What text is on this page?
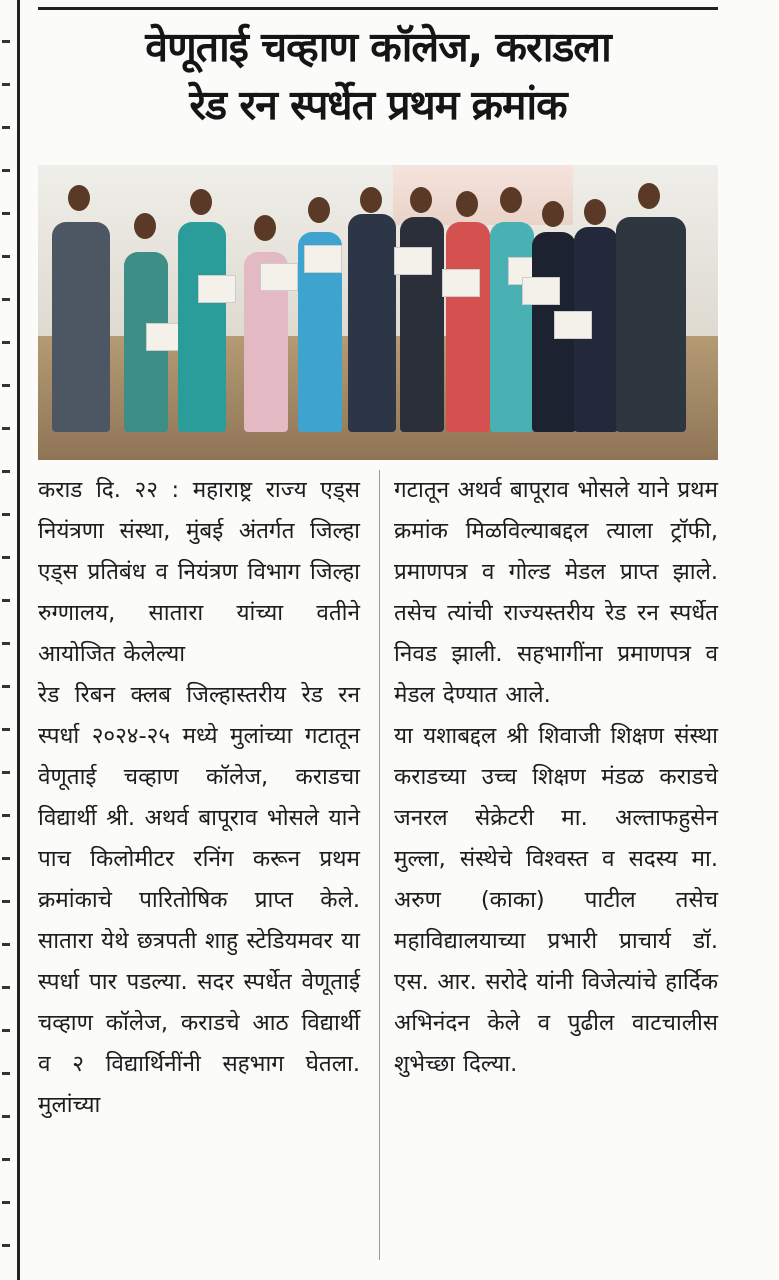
वेणूताई चव्हाण कॉलेज, कराडला
रेड रन स्पर्धेत प्रथम क्रमांक

कराड दि. २२ : महाराष्ट्र राज्य एड्स नियंत्रणा संस्था, मुंबई अंतर्गत जिल्हा एड्स प्रतिबंध व नियंत्रण विभाग जिल्हा रुग्णालय, सातारा यांच्या वतीने आयोजित केलेल्या

रेड रिबन क्लब जिल्हास्तरीय रेड रन स्पर्धा २०२४-२५ मध्ये मुलांच्या गटातून वेणूताई चव्हाण कॉलेज, कराडचा विद्यार्थी श्री. अथर्व बापूराव भोसले याने पाच किलोमीटर रनिंग करून प्रथम क्रमांकाचे पारितोषिक प्राप्त केले. सातारा येथे छत्रपती शाहु स्टेडियमवर या स्पर्धा पार पडल्या. सदर स्पर्धेत वेणूताई चव्हाण कॉलेज, कराडचे आठ विद्यार्थी व २ विद्यार्थिनींनी सहभाग घेतला. मुलांच्या

गटातून अथर्व बापूराव भोसले याने प्रथम क्रमांक मिळविल्याबद्दल त्याला ट्रॉफी, प्रमाणपत्र व गोल्ड मेडल प्राप्त झाले. तसेच त्यांची राज्यस्तरीय रेड रन स्पर्धेत निवड झाली. सहभागींना प्रमाणपत्र व मेडल देण्यात आले.

या यशाबद्दल श्री शिवाजी शिक्षण संस्था कराडच्या उच्च शिक्षण मंडळ कराडचे जनरल सेक्रेटरी मा. अल्ताफहुसेन मुल्ला, संस्थेचे विश्वस्त व सदस्य मा. अरुण (काका) पाटील तसेच महाविद्यालयाच्या प्रभारी प्राचार्य डॉ. एस. आर. सरोदे यांनी विजेत्यांचे हार्दिक अभिनंदन केले व पुढील वाटचालीस शुभेच्छा दिल्या.
